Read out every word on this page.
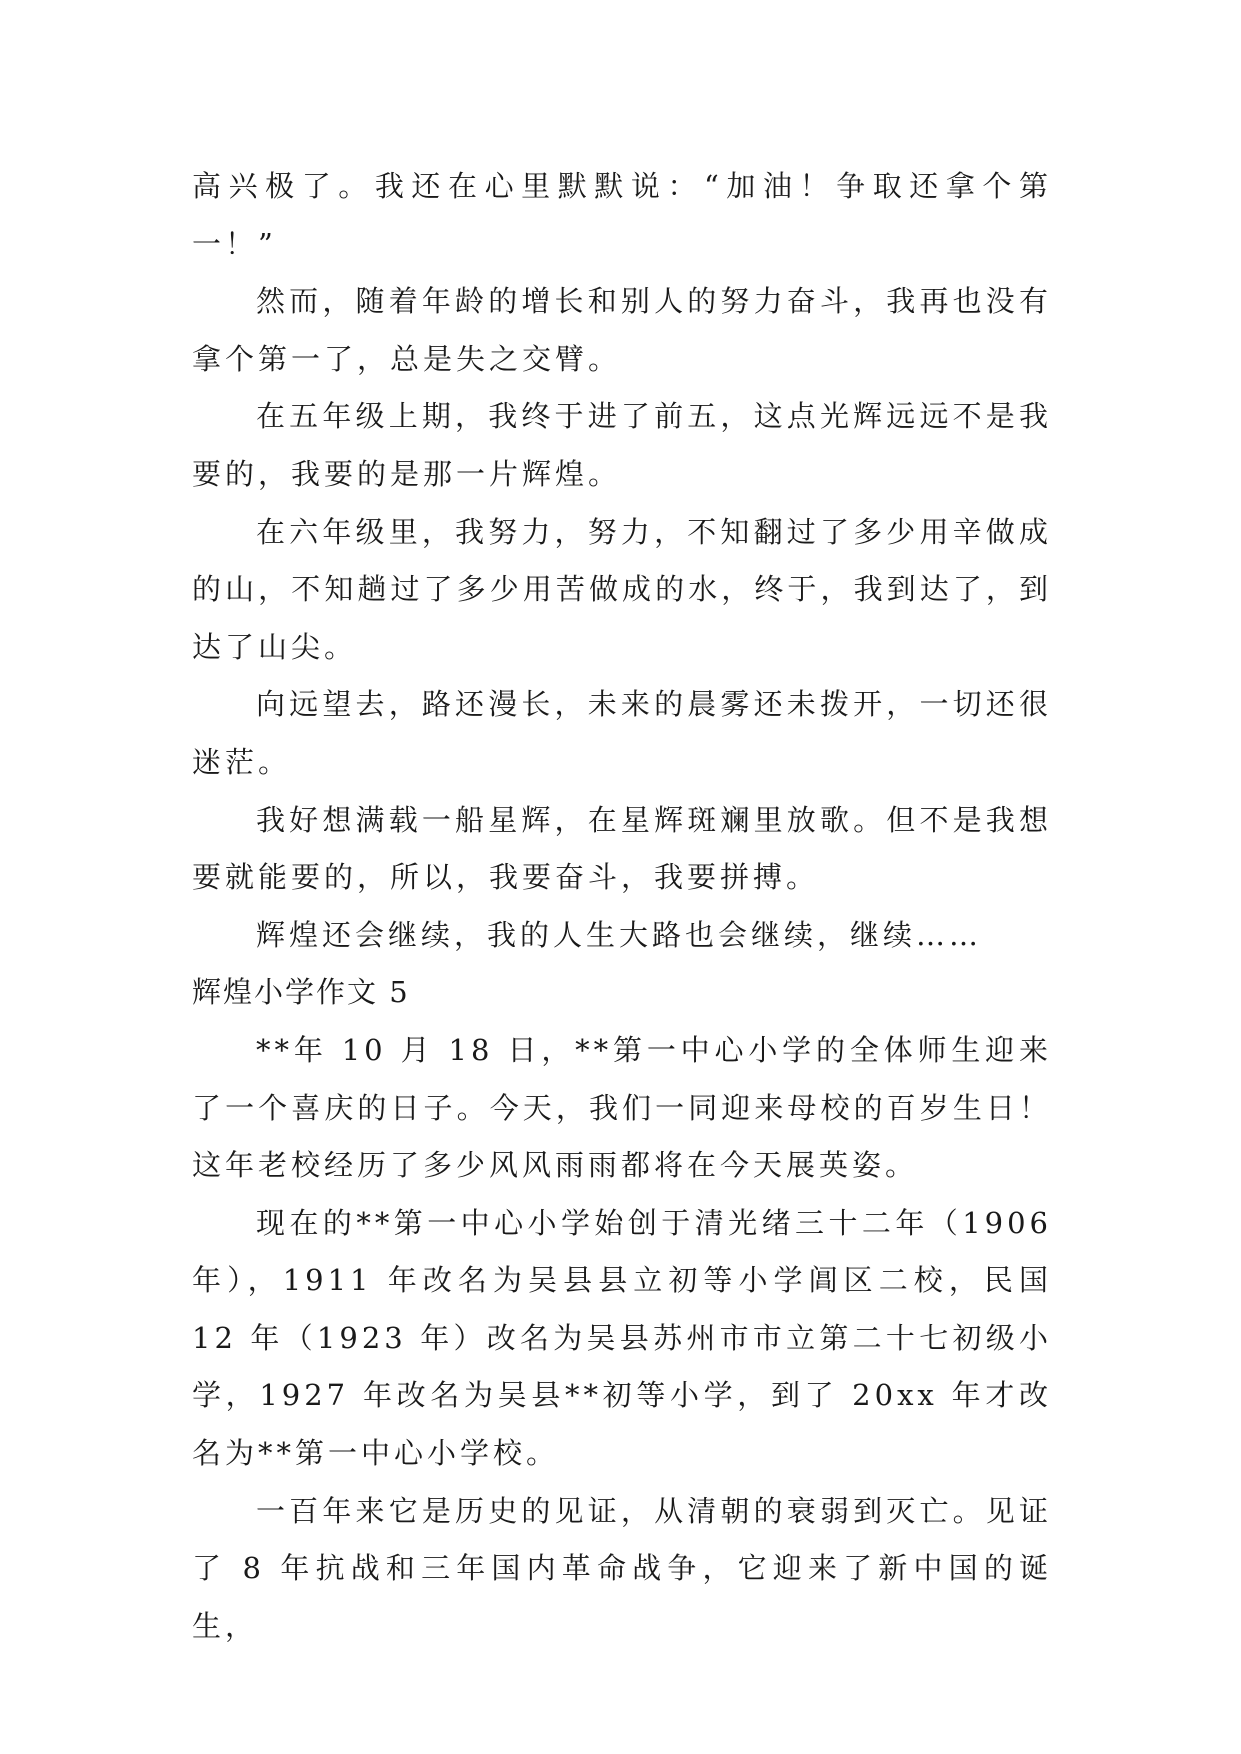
高兴极了。我还在心里默默说：“加油！争取还拿个第一！”

然而，随着年龄的增长和别人的努力奋斗，我再也没有拿个第一了，总是失之交臂。

在五年级上期，我终于进了前五，这点光辉远远不是我要的，我要的是那一片辉煌。

在六年级里，我努力，努力，不知翻过了多少用辛做成的山，不知趟过了多少用苦做成的水，终于，我到达了，到达了山尖。

向远望去，路还漫长，未来的晨雾还未拨开，一切还很迷茫。

我好想满载一船星辉，在星辉斑斓里放歌。但不是我想要就能要的，所以，我要奋斗，我要拼搏。

辉煌还会继续，我的人生大路也会继续，继续……

辉煌小学作文 5

**年 10 月 18 日，**第一中心小学的全体师生迎来了一个喜庆的日子。今天，我们一同迎来母校的百岁生日！这年老校经历了多少风风雨雨都将在今天展英姿。

现在的**第一中心小学始创于清光绪三十二年（1906 年），1911 年改名为吴县县立初等小学阊区二校，民国 12 年（1923 年）改名为吴县苏州市市立第二十七初级小学，1927 年改名为吴县**初等小学，到了 20xx 年才改名为**第一中心小学校。

一百年来它是历史的见证，从清朝的衰弱到灭亡。见证了 8 年抗战和三年国内革命战争，它迎来了新中国的诞生，
